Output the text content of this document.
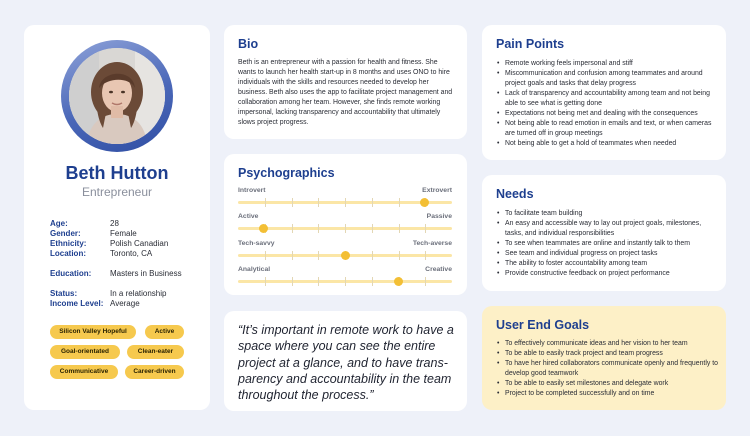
Beth Hutton
Entrepreneur
Age:	28
Gender:	Female
Ethnicity:	Polish Canadian
Location:	Toronto, CA
Education: Masters in Business
Status:	In a relationship
Income Level: Average
Silicon Valley Hopeful	Active
Goal-orientated	Clean-eater
Communicative	Career-driven
Bio
Beth is an entrepreneur with a passion for health and fitness. She wants to launch her health start-up in 8 months and uses ONO to hire individuals with the skills and resources needed to develop her business. Beth also uses the app to facilitate project management and collaboration among her team. However, she finds remote working impersonal, lacking transparency and accountability that ultimately slows project progress.
Psychographics
Introvert	Extrovert
Active	Passive
Tech-savvy	Tech-averse
Analytical	Creative
“It’s important in remote work to have a space where you can see the entire project at a glance, and to have trans-parency and accountability in the team throughout the process.”
Pain Points
• Remote working feels impersonal and stiff
• Miscommunication and confusion among teammates and around project goals and tasks that delay progress
• Lack of transparency and accountability among team and not being able to see what is getting done
• Expectations not being met and dealing with the consequences
• Not being able to read emotion in emails and text, or when cameras are turned off in group meetings
• Not being able to get a hold of teammates when needed
Needs
• To facilitate team building
• An easy and accessible way to lay out project goals, milestones, tasks, and individual responsibilities
• To see when teammates are online and instantly talk to them
• See team and individual progress on project tasks
• The ability to foster accountability among team
• Provide constructive feedback on project performance
User End Goals
• To effectively communicate ideas and her vision to her team
• To be able to easily track project and team progress
• To have her hired collaborators communicate openly and frequently to develop good teamwork
• To be able to easily set milestones and delegate work
• Project to be completed successfully and on time
